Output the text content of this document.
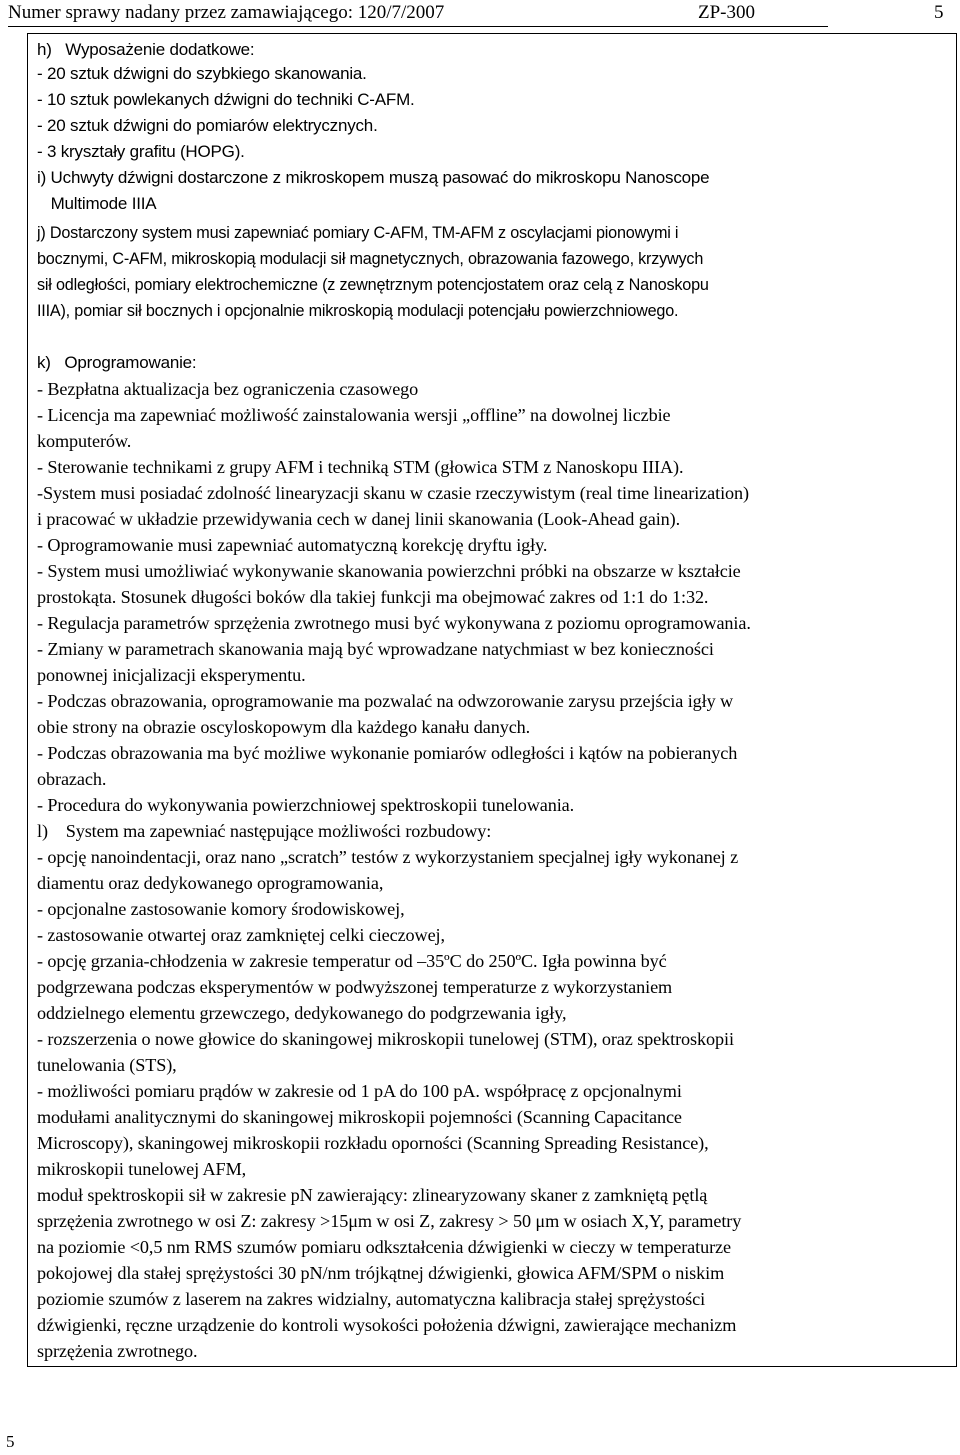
Numer sprawy nadany przez zamawiającego: 120/7/2007	ZP-300	5
h)   Wyposażenie dodatkowe:
- 20 sztuk dźwigni do szybkiego skanowania.
- 10 sztuk powlekanych dźwigni do techniki C-AFM.
- 20 sztuk dźwigni do pomiarów elektrycznych.
- 3 kryształy grafitu (HOPG).
i) Uchwyty dźwigni dostarczone z mikroskopem muszą pasować do mikroskopu Nanoscope
Multimode IIIA
j) Dostarczony system musi zapewniać pomiary C-AFM, TM-AFM z oscylacjami pionowymi i
bocznymi, C-AFM, mikroskopią modulacji sił magnetycznych, obrazowania fazowego, krzywych
sił odległości, pomiary elektrochemiczne (z zewnętrznym potencjostatem oraz celą z Nanoskopu
IIIA), pomiar sił bocznych i opcjonalnie mikroskopią modulacji potencjału powierzchniowego.
k)   Oprogramowanie:
- Bezpłatna aktualizacja bez ograniczenia czasowego
- Licencja ma zapewniać możliwość zainstalowania wersji „offline” na dowolnej liczbie
komputerów.
- Sterowanie technikami z grupy AFM i techniką STM (głowica STM z Nanoskopu IIIA).
-System musi posiadać zdolność linearyzacji skanu w czasie rzeczywistym (real time linearization)
i pracować w układzie przewidywania cech w danej linii skanowania (Look-Ahead gain).
- Oprogramowanie musi zapewniać automatyczną korekcję dryftu igły.
- System musi umożliwiać wykonywanie skanowania powierzchni próbki na obszarze w kształcie
prostokąta. Stosunek długości boków dla takiej funkcji ma obejmować zakres od 1:1 do 1:32.
- Regulacja parametrów sprzężenia zwrotnego musi być wykonywana z poziomu oprogramowania.
- Zmiany w parametrach skanowania mają być wprowadzane natychmiast w bez konieczności
ponownej inicjalizacji eksperymentu.
- Podczas obrazowania, oprogramowanie ma pozwalać na odwzorowanie zarysu przejścia igły w
obie strony na obrazie oscyloskopowym dla każdego kanału danych.
- Podczas obrazowania ma być możliwe wykonanie pomiarów odległości i kątów na pobieranych
obrazach.
- Procedura do wykonywania powierzchniowej spektroskopii tunelowania.
l)    System ma zapewniać następujące możliwości rozbudowy:
- opcję nanoindentacji, oraz nano „scratch” testów z wykorzystaniem specjalnej igły wykonanej z
diamentu oraz dedykowanego oprogramowania,
- opcjonalne zastosowanie komory środowiskowej,
- zastosowanie otwartej oraz zamkniętej celki cieczowej,
- opcję grzania-chłodzenia w zakresie temperatur od –35ºC do 250ºC. Igła powinna być
podgrzewana podczas eksperymentów w podwyższonej temperaturze z wykorzystaniem
oddzielnego elementu grzewczego, dedykowanego do podgrzewania igły,
- rozszerzenia o nowe głowice do skaningowej mikroskopii tunelowej (STM), oraz spektroskopii
tunelowania (STS),
- możliwości pomiaru prądów w zakresie od 1 pA do 100 pA. współpracę z opcjonalnymi
modułami analitycznymi do skaningowej mikroskopii pojemności (Scanning Capacitance
Microscopy), skaningowej mikroskopii rozkładu oporności (Scanning Spreading Resistance),
mikroskopii tunelowej AFM,
moduł spektroskopii sił w zakresie pN zawierający: zlinearyzowany skaner z zamkniętą pętlą
sprzężenia zwrotnego w osi Z: zakresy >15μm w osi Z, zakresy > 50 μm w osiach X,Y, parametry
na poziomie <0,5 nm RMS szumów pomiaru odkształcenia dźwigienki w cieczy w temperaturze
pokojowej dla stałej sprężystości 30 pN/nm trójkątnej dźwigienki, głowica AFM/SPM o niskim
poziomie szumów z laserem na zakres widzialny, automatyczna kalibracja stałej sprężystości
dźwigienki, ręczne urządzenie do kontroli wysokości położenia dźwigni, zawierające mechanizm
sprzężenia zwrotnego.
5
